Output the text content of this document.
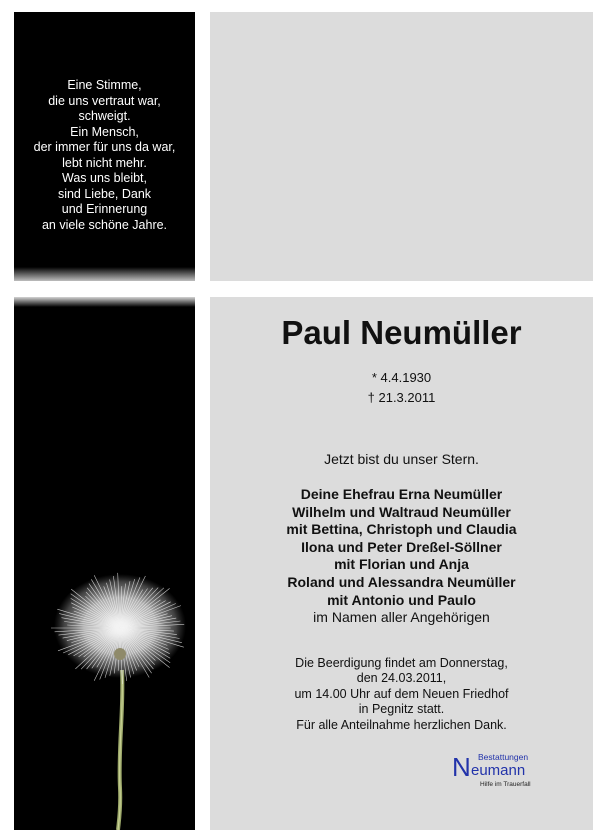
Eine Stimme,
die uns vertraut war,
schweigt.
Ein Mensch,
der immer für uns da war,
lebt nicht mehr.
Was uns bleibt,
sind Liebe, Dank
und Erinnerung
an viele schöne Jahre.
Paul Neumüller
* 4.4.1930
† 21.3.2011
Jetzt bist du unser Stern.
Deine Ehefrau Erna Neumüller
Wilhelm und Waltraud Neumüller
mit Bettina, Christoph und Claudia
Ilona und Peter Dreßel-Söllner
mit Florian und Anja
Roland und Alessandra Neumüller
mit Antonio und Paulo
im Namen aller Angehörigen
Die Beerdigung findet am Donnerstag,
den 24.03.2011,
um 14.00 Uhr auf dem Neuen Friedhof
in Pegnitz statt.
Für alle Anteilnahme herzlichen Dank.
Bestattungen
N eumann
Hilfe im Trauerfall
